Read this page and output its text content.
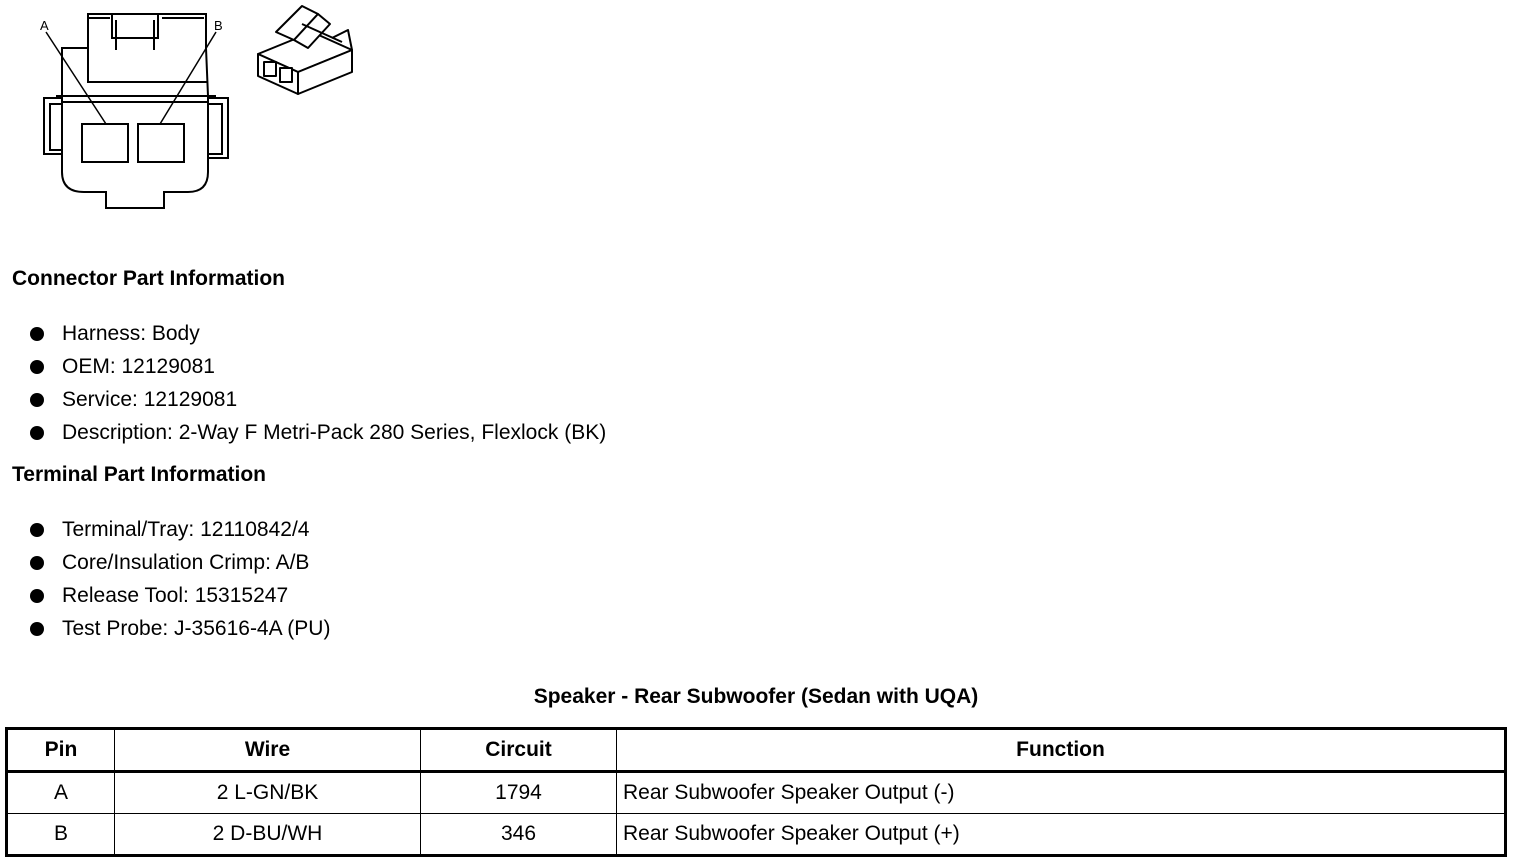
A	B
Connector Part Information
Harness: Body
OEM: 12129081
Service: 12129081
Description: 2-Way F Metri-Pack 280 Series, Flexlock (BK)
Terminal Part Information
Terminal/Tray: 12110842/4
Core/Insulation Crimp: A/B
Release Tool: 15315247
Test Probe: J-35616-4A (PU)
Speaker - Rear Subwoofer (Sedan with UQA)
Pin	Wire	Circuit	Function
A	2 L-GN/BK	1794	Rear Subwoofer Speaker Output (-)
B	2 D-BU/WH	346	Rear Subwoofer Speaker Output (+)
